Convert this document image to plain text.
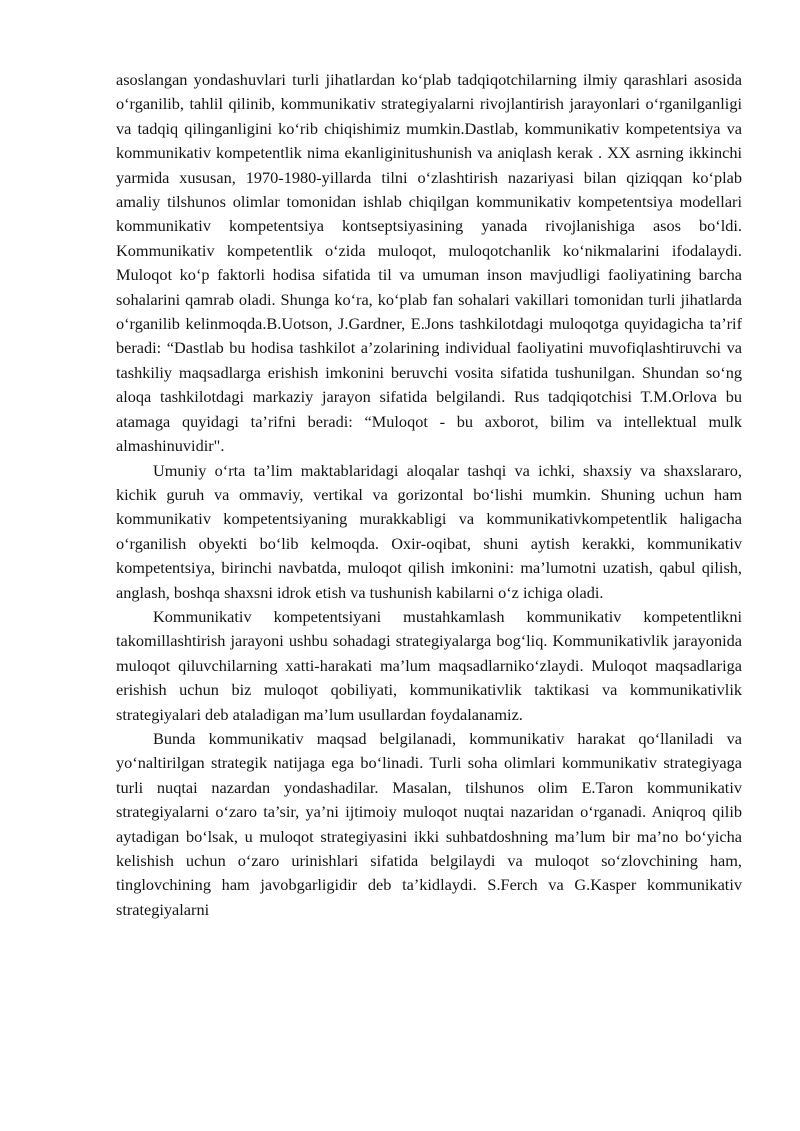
asoslangan yondashuvlari turli jihatlardan ko‘plab tadqiqotchilarning ilmiy qarashlari asosida o‘rganilib, tahlil qilinib, kommunikativ strategiyalarni rivojlantirish jarayonlari o‘rganilganligi va tadqiq qilinganligini ko‘rib chiqishimiz mumkin.Dastlab, kommunikativ kompetentsiya va kommunikativ kompetentlik nima ekanliginitushunish va aniqlash kerak . XX asrning ikkinchi yarmida xususan, 1970-1980-yillarda tilni o‘zlashtirish nazariyasi bilan qiziqqan ko‘plab amaliy tilshunos olimlar tomonidan ishlab chiqilgan kommunikativ kompetentsiya modellari kommunikativ kompetentsiya kontseptsiyasining yanada rivojlanishiga asos bo‘ldi. Kommunikativ kompetentlik o‘zida muloqot, muloqotchanlik ko‘nikmalarini ifodalaydi. Muloqot ko‘p faktorli hodisa sifatida til va umuman inson mavjudligi faoliyatining barcha sohalarini qamrab oladi. Shunga ko‘ra, ko‘plab fan sohalari vakillari tomonidan turli jihatlarda o‘rganilib kelinmoqda.B.Uotson, J.Gardner, E.Jons tashkilotdagi muloqotga quyidagicha ta’rif beradi: “Dastlab bu hodisa tashkilot a’zolarining individual faoliyatini muvofiqlashtiruvchi va tashkiliy maqsadlarga erishish imkonini beruvchi vosita sifatida tushunilgan. Shundan so‘ng aloqa tashkilotdagi markaziy jarayon sifatida belgilandi. Rus tadqiqotchisi T.M.Orlova bu atamaga quyidagi ta’rifni beradi: “Muloqot - bu axborot, bilim va intellektual mulk almashinuvidir".

Umuniy o‘rta ta’lim maktablaridagi aloqalar tashqi va ichki, shaxsiy va shaxslararo, kichik guruh va ommaviy, vertikal va gorizontal bo‘lishi mumkin. Shuning uchun ham kommunikativ kompetentsiyaning murakkabligi va kommunikativkompetentlik haligacha o‘rganilish obyekti bo‘lib kelmoqda. Oxir-oqibat, shuni aytish kerakki, kommunikativ kompetentsiya, birinchi navbatda, muloqot qilish imkonini: ma’lumotni uzatish, qabul qilish, anglash, boshqa shaxsni idrok etish va tushunish kabilarni o‘z ichiga oladi.

Kommunikativ kompetentsiyani mustahkamlash kommunikativ kompetentlikni takomillashtirish jarayoni ushbu sohadagi strategiyalarga bog‘liq. Kommunikativlik jarayonida muloqot qiluvchilarning xatti-harakati ma’lum maqsadlarniko‘zlaydi. Muloqot maqsadlariga erishish uchun biz muloqot qobiliyati, kommunikativlik taktikasi va kommunikativlik strategiyalari deb ataladigan ma’lum usullardan foydalanamiz.

Bunda kommunikativ maqsad belgilanadi, kommunikativ harakat qo‘llaniladi va yo‘naltirilgan strategik natijaga ega bo‘linadi. Turli soha olimlari kommunikativ strategiyaga turli nuqtai nazardan yondashadilar. Masalan, tilshunos olim E.Taron kommunikativ strategiyalarni o‘zaro ta’sir, ya’ni ijtimoiy muloqot nuqtai nazaridan o‘rganadi. Aniqroq qilib aytadigan bo‘lsak, u muloqot strategiyasini ikki suhbatdoshning ma’lum bir ma’no bo‘yicha kelishish uchun o‘zaro urinishlari sifatida belgilaydi va muloqot so‘zlovchining ham, tinglovchining ham javobgarligidir deb ta’kidlaydi. S.Ferch va G.Kasper kommunikativ strategiyalarni
